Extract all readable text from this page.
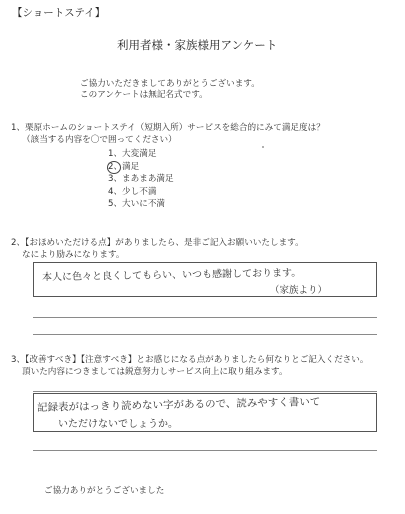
【ショートステイ】
利用者様・家族様用アンケート
ご協力いただきましてありがとうございます。
このアンケートは無記名式です。
1、栗原ホームのショートステイ（短期入所）サービスを総合的にみて満足度は？
（該当する内容を〇で囲ってください）
1、大変満足
2、満足
3、まあまあ満足
4、少し不満
5、大いに不満
2、【おほめいただける点】がありましたら、是非ご記入お願いいたします。
なにより励みになります。
本人に色々と良くしてもらい、いつも感謝しております。
（家族より）
3、【改善すべき】【注意すべき】とお感じになる点がありましたら何なりとご記入ください。
頂いた内容につきましては鋭意努力しサービス向上に取り組みます。
記録表がはっきり読めない字があるので、読みやすく書いて
いただけないでしょうか。
ご協力ありがとうございました
